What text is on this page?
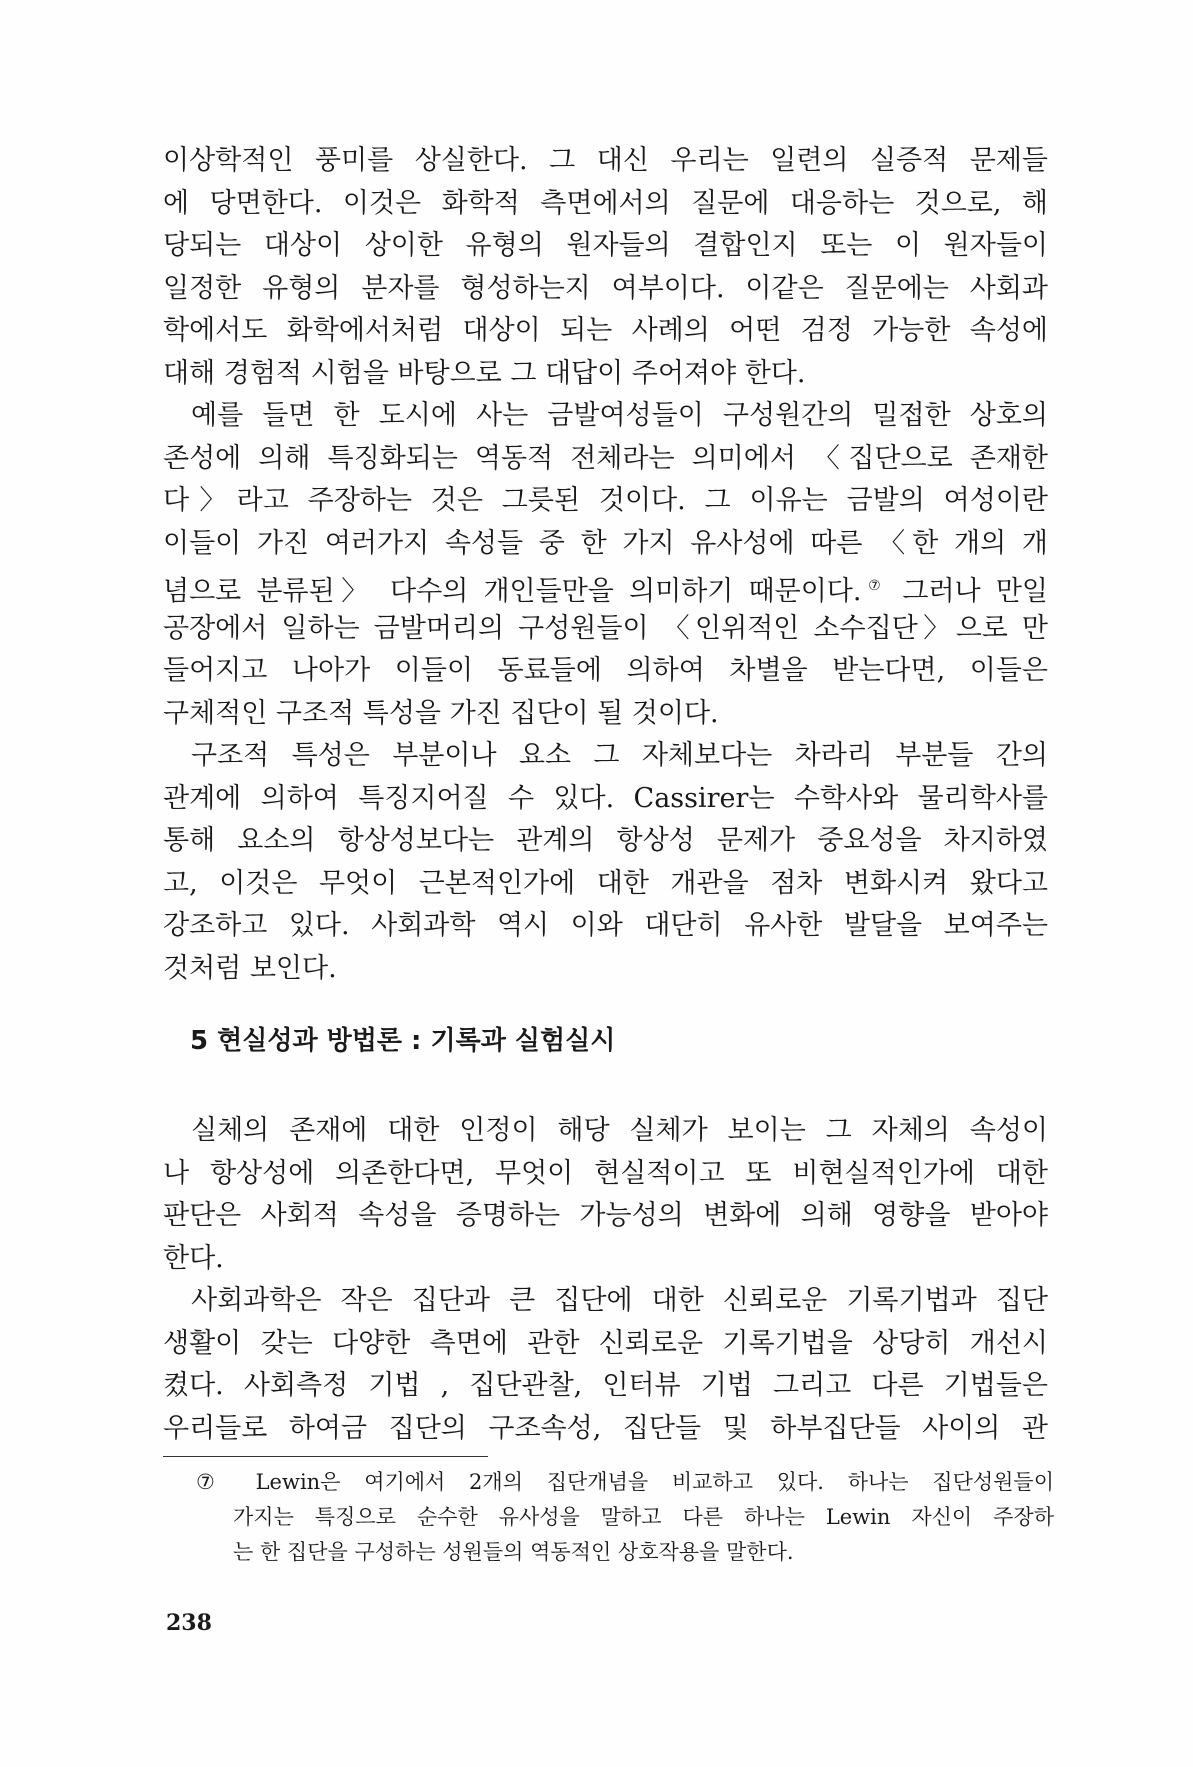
이상학적인 풍미를 상실한다. 그 대신 우리는 일련의 실증적 문제들
에 당면한다. 이것은 화학적 측면에서의 질문에 대응하는 것으로, 해
당되는 대상이 상이한 유형의 원자들의 결합인지 또는 이 원자들이
일정한 유형의 분자를 형성하는지 여부이다. 이같은 질문에는 사회과
학에서도 화학에서처럼 대상이 되는 사례의 어떤 검정 가능한 속성에
대해 경험적 시험을 바탕으로 그 대답이 주어져야 한다.
예를 들면 한 도시에 사는 금발여성들이 구성원간의 밀접한 상호의
존성에 의해 특징화되는 역동적 전체라는 의미에서 〈집단으로 존재한
다〉라고 주장하는 것은 그릇된 것이다. 그 이유는 금발의 여성이란
이들이 가진 여러가지 속성들 중 한 가지 유사성에 따른 〈한 개의 개
념으로 분류된〉 다수의 개인들만을 의미하기 때문이다.⑦ 그러나 만일
공장에서 일하는 금발머리의 구성원들이 〈인위적인 소수집단〉으로 만
들어지고 나아가 이들이 동료들에 의하여 차별을 받는다면, 이들은
구체적인 구조적 특성을 가진 집단이 될 것이다.
구조적 특성은 부분이나 요소 그 자체보다는 차라리 부분들 간의
관계에 의하여 특징지어질 수 있다. Cassirer는 수학사와 물리학사를
통해 요소의 항상성보다는 관계의 항상성 문제가 중요성을 차지하였
고, 이것은 무엇이 근본적인가에 대한 개관을 점차 변화시켜 왔다고
강조하고 있다. 사회과학 역시 이와 대단히 유사한 발달을 보여주는
것처럼 보인다.
5 현실성과 방법론 : 기록과 실험실시
실체의 존재에 대한 인정이 해당 실체가 보이는 그 자체의 속성이
나 항상성에 의존한다면, 무엇이 현실적이고 또 비현실적인가에 대한
판단은 사회적 속성을 증명하는 가능성의 변화에 의해 영향을 받아야
한다.
사회과학은 작은 집단과 큰 집단에 대한 신뢰로운 기록기법과 집단
생활이 갖는 다양한 측면에 관한 신뢰로운 기록기법을 상당히 개선시
켰다. 사회측정 기법 , 집단관찰, 인터뷰 기법 그리고 다른 기법들은
우리들로 하여금 집단의 구조속성, 집단들 및 하부집단들 사이의 관
⑦ Lewin은 여기에서 2개의 집단개념을 비교하고 있다. 하나는 집단성원들이
가지는 특징으로 순수한 유사성을 말하고 다른 하나는 Lewin 자신이 주장하
는 한 집단을 구성하는 성원들의 역동적인 상호작용을 말한다.
238
